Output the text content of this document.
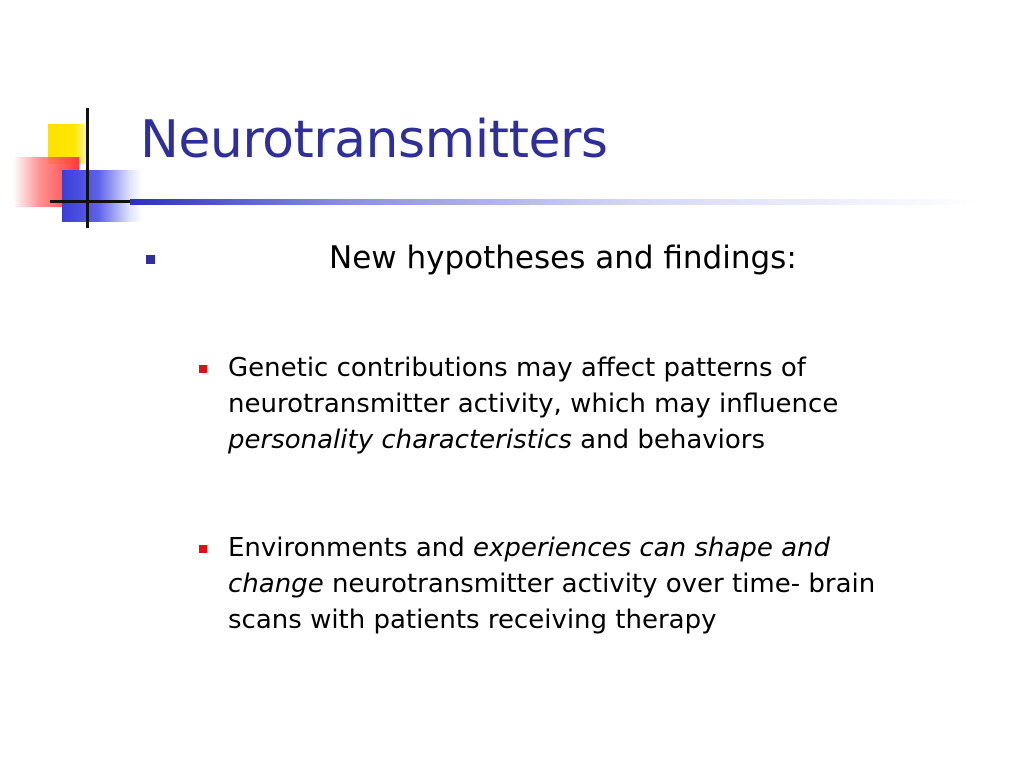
Neurotransmitters
New hypotheses and findings:
Genetic contributions may affect patterns of
neurotransmitter activity, which may influence
personality characteristics and behaviors
Environments and experiences can shape and
change neurotransmitter activity over time- brain
scans with patients receiving therapy
